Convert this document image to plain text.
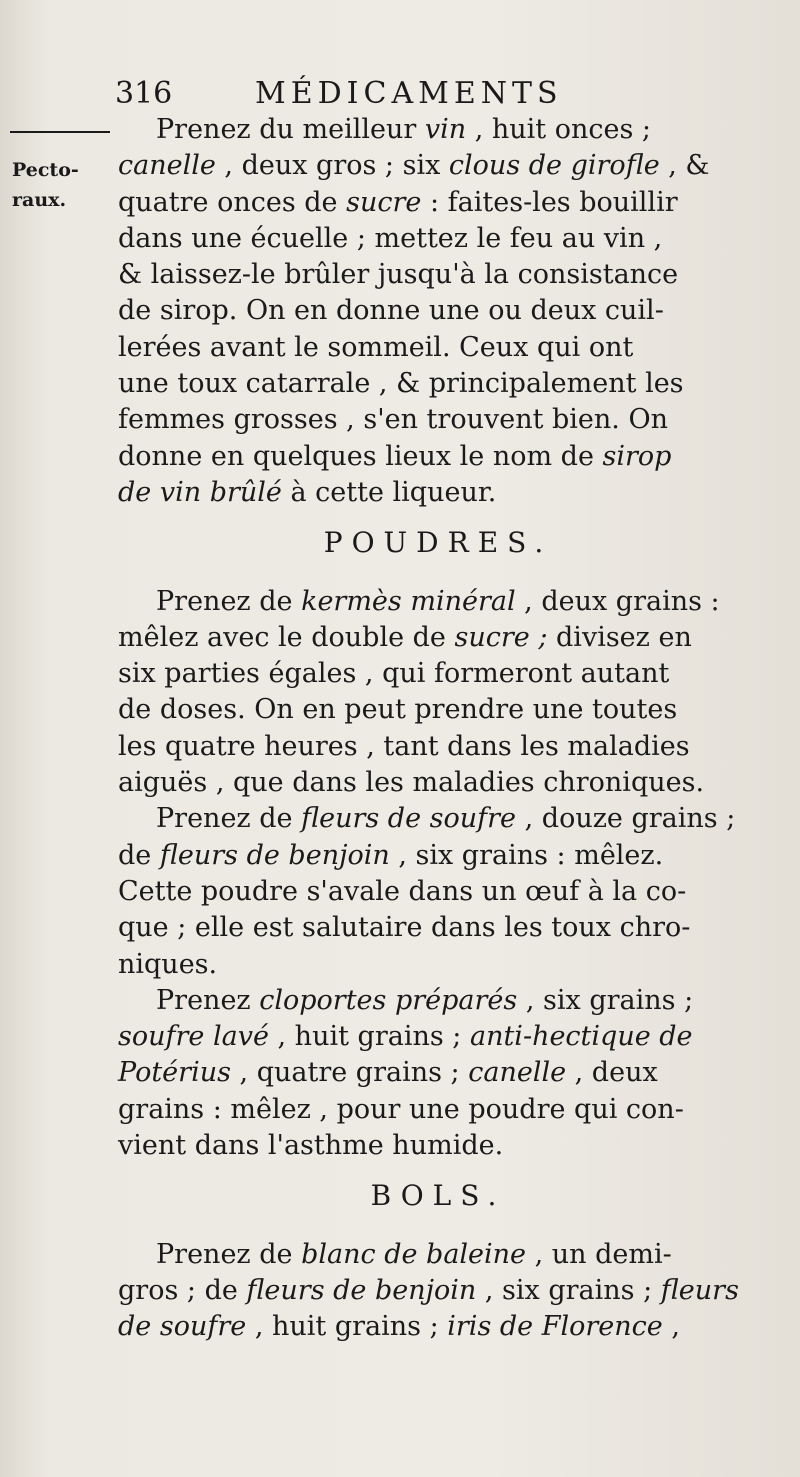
316	MÉDICAMENTS
Pecto-
raux.
Prenez du meilleur vin , huit onces ;
canelle , deux gros ; six clous de girofle , &
quatre onces de sucre : faites-les bouillir
dans une écuelle ; mettez le feu au vin ,
& laissez-le brûler jusqu'à la consistance
de sirop. On en donne une ou deux cuil-
lerées avant le sommeil. Ceux qui ont
une toux catarrale , & principalement les
femmes grosses , s'en trouvent bien. On
donne en quelques lieux le nom de sirop
de vin brûlé à cette liqueur.
POUDRES.
Prenez de kermès minéral , deux grains :
mêlez avec le double de sucre ; divisez en
six parties égales , qui formeront autant
de doses. On en peut prendre une toutes
les quatre heures , tant dans les maladies
aiguës , que dans les maladies chroniques.
Prenez de fleurs de soufre , douze grains ;
de fleurs de benjoin , six grains : mêlez.
Cette poudre s'avale dans un œuf à la co-
que ; elle est salutaire dans les toux chro-
niques.
Prenez cloportes préparés , six grains ;
soufre lavé , huit grains ; anti-hectique de
Potérius , quatre grains ; canelle , deux
grains : mêlez , pour une poudre qui con-
vient dans l'asthme humide.
BOLS.
Prenez de blanc de baleine , un demi-
gros ; de fleurs de benjoin , six grains ; fleurs
de soufre , huit grains ; iris de Florence ,
